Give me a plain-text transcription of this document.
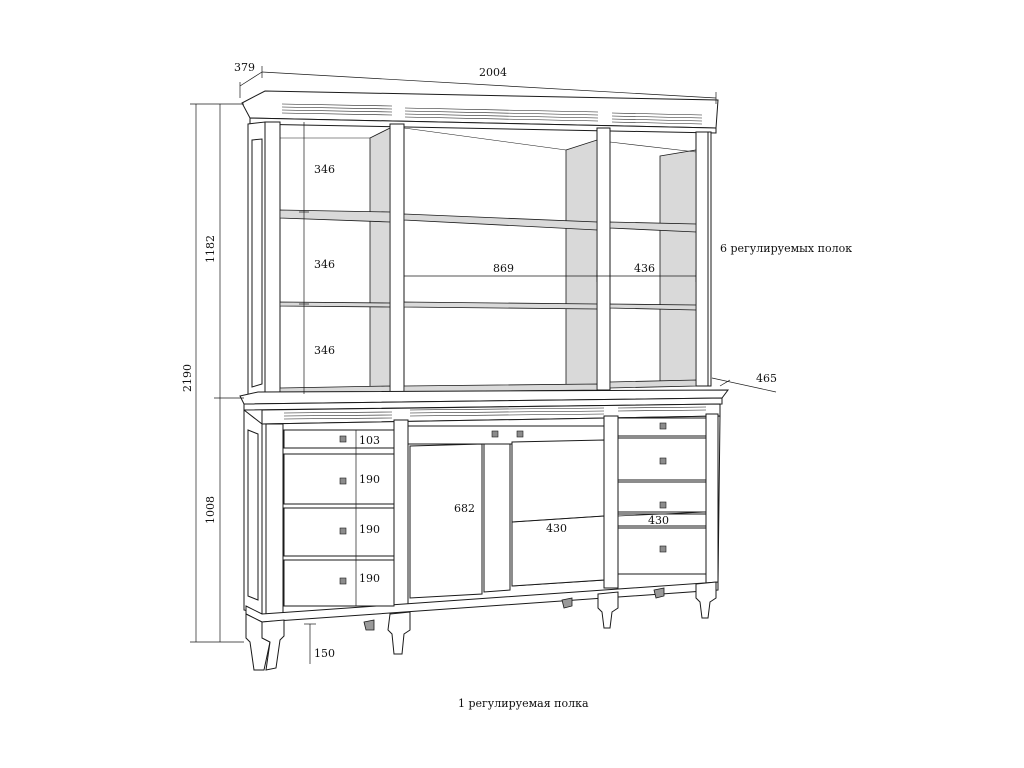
2004
379
2190
1182
1008
346
346
346
869	436
465
103
190
190
190
682
430
430
150
6 регулируемых полок
1 регулируемая полка
